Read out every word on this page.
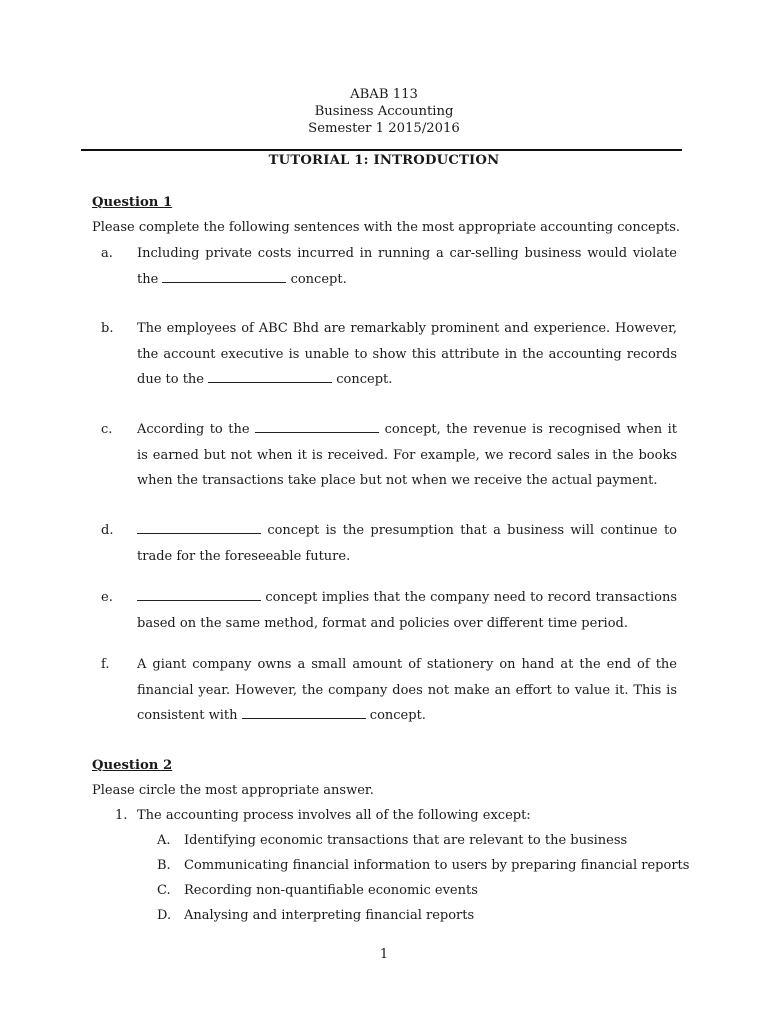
ABAB 113
Business Accounting
Semester 1 2015/2016
TUTORIAL 1: INTRODUCTION
Question 1
Please complete the following sentences with the most appropriate accounting concepts.
a. Including private costs incurred in running a car-selling business would violate the	concept.
b. The employees of ABC Bhd are remarkably prominent and experience. However, the account executive is unable to show this attribute in the accounting records due to the	concept.
c. According to the	concept, the revenue is recognised when it is earned but not when it is received. For example, we record sales in the books when the transactions take place but not when we receive the actual payment.
d.	concept is the presumption that a business will continue to trade for the foreseeable future.
e.	concept implies that the company need to record transactions based on the same method, format and policies over different time period.
f. A giant company owns a small amount of stationery on hand at the end of the financial year. However, the company does not make an effort to value it. This is consistent with	concept.
Question 2
Please circle the most appropriate answer.
1. The accounting process involves all of the following except:
A. Identifying economic transactions that are relevant to the business
B. Communicating financial information to users by preparing financial reports
C. Recording non-quantifiable economic events
D. Analysing and interpreting financial reports
1
